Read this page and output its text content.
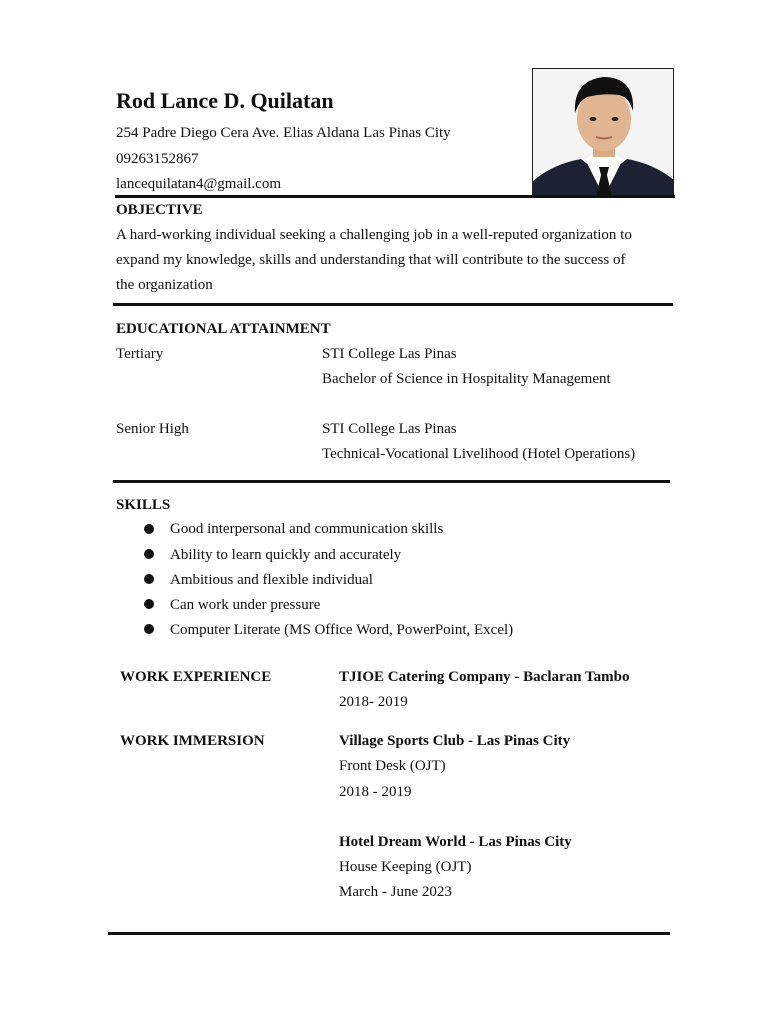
Rod Lance D. Quilatan
254 Padre Diego Cera Ave. Elias Aldana Las Pinas City
09263152867
lancequilatan4@gmail.com
OBJECTIVE
A hard-working individual seeking a challenging job in a well-reputed organization to
expand my knowledge, skills and understanding that will contribute to the success of
the organization
EDUCATIONAL ATTAINMENT
Tertiary	STI College Las Pinas
Bachelor of Science in Hospitality Management
Senior High	STI College Las Pinas
Technical-Vocational Livelihood (Hotel Operations)
SKILLS
Good interpersonal and communication skills
Ability to learn quickly and accurately
Ambitious and flexible individual
Can work under pressure
Computer Literate (MS Office Word, PowerPoint, Excel)
WORK EXPERIENCE	TJIOE Catering Company - Baclaran Tambo
2018- 2019
WORK IMMERSION	Village Sports Club - Las Pinas City
Front Desk (OJT)
2018 - 2019
Hotel Dream World - Las Pinas City
House Keeping (OJT)
March - June 2023
